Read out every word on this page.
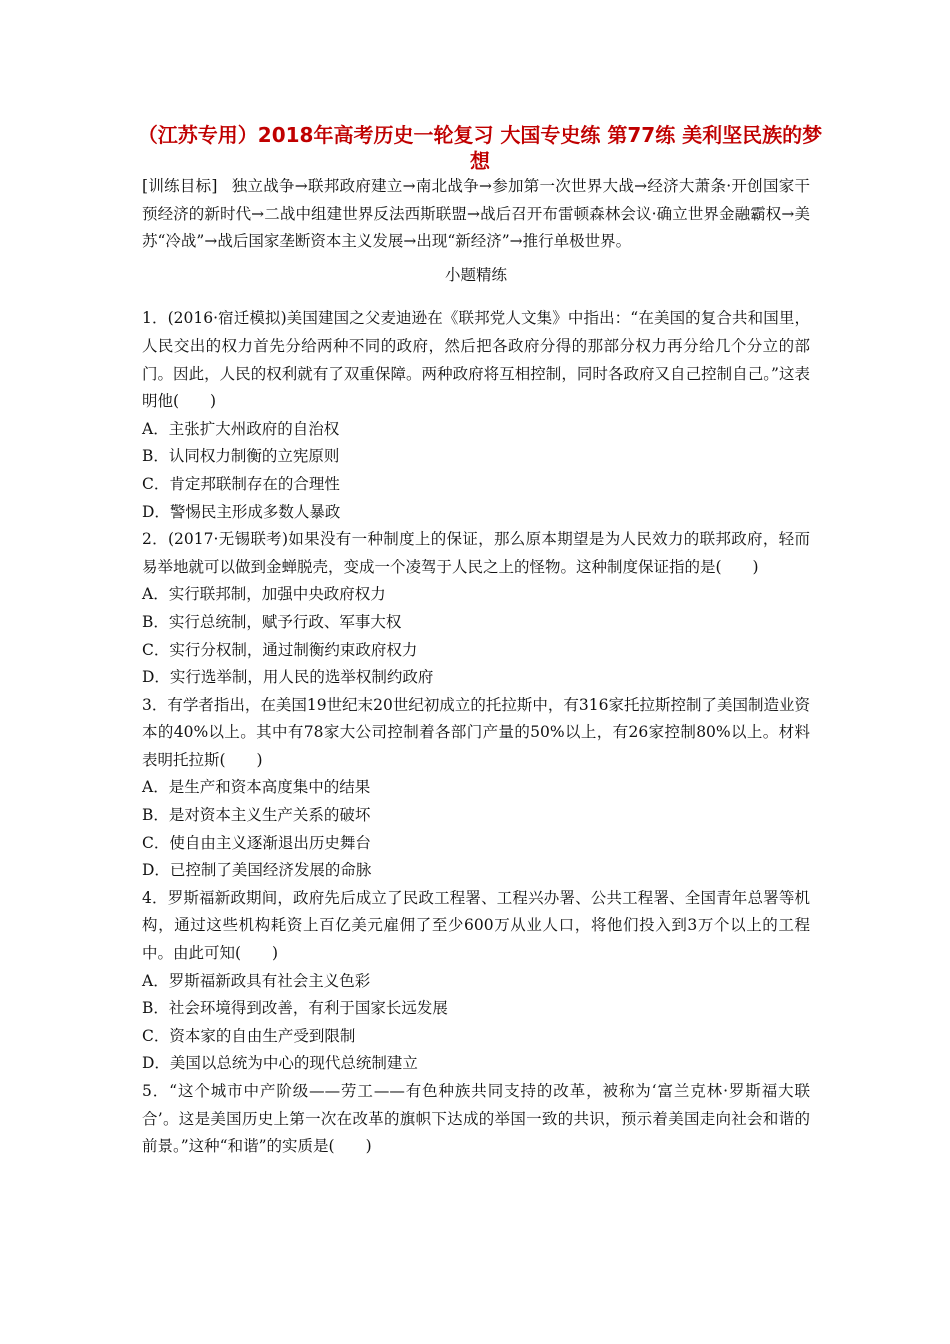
（江苏专用）2018年高考历史一轮复习 大国专史练 第77练 美利坚民族的梦想

[训练目标] 独立战争→联邦政府建立→南北战争→参加第一次世界大战→经济大萧条·开创国家干预经济的新时代→二战中组建世界反法西斯联盟→战后召开布雷顿森林会议·确立世界金融霸权→美苏“冷战”→战后国家垄断资本主义发展→出现“新经济”→推行单极世界。

小题精练

1．(2016·宿迁模拟)美国建国之父麦迪逊在《联邦党人文集》中指出：“在美国的复合共和国里，人民交出的权力首先分给两种不同的政府，然后把各政府分得的那部分权力再分给几个分立的部门。因此，人民的权利就有了双重保障。两种政府将互相控制，同时各政府又自己控制自己。”这表明他(　　)

A．主张扩大州政府的自治权

B．认同权力制衡的立宪原则

C．肯定邦联制存在的合理性

D．警惕民主形成多数人暴政

2．(2017·无锡联考)如果没有一种制度上的保证，那么原本期望是为人民效力的联邦政府，轻而易举地就可以做到金蝉脱壳，变成一个凌驾于人民之上的怪物。这种制度保证指的是(　　)

A．实行联邦制，加强中央政府权力

B．实行总统制，赋予行政、军事大权

C．实行分权制，通过制衡约束政府权力

D．实行选举制，用人民的选举权制约政府

3．有学者指出，在美国19世纪末20世纪初成立的托拉斯中，有316家托拉斯控制了美国制造业资本的40%以上。其中有78家大公司控制着各部门产量的50%以上，有26家控制80%以上。材料表明托拉斯(　　)

A．是生产和资本高度集中的结果

B．是对资本主义生产关系的破坏

C．使自由主义逐渐退出历史舞台

D．已控制了美国经济发展的命脉

4．罗斯福新政期间，政府先后成立了民政工程署、工程兴办署、公共工程署、全国青年总署等机构，通过这些机构耗资上百亿美元雇佣了至少600万从业人口，将他们投入到3万个以上的工程中。由此可知(　　)

A．罗斯福新政具有社会主义色彩

B．社会环境得到改善，有利于国家长远发展

C．资本家的自由生产受到限制

D．美国以总统为中心的现代总统制建立

5．“这个城市中产阶级——劳工——有色种族共同支持的改革，被称为‘富兰克林·罗斯福大联合’。这是美国历史上第一次在改革的旗帜下达成的举国一致的共识，预示着美国走向社会和谐的前景。”这种“和谐”的实质是(　　)
